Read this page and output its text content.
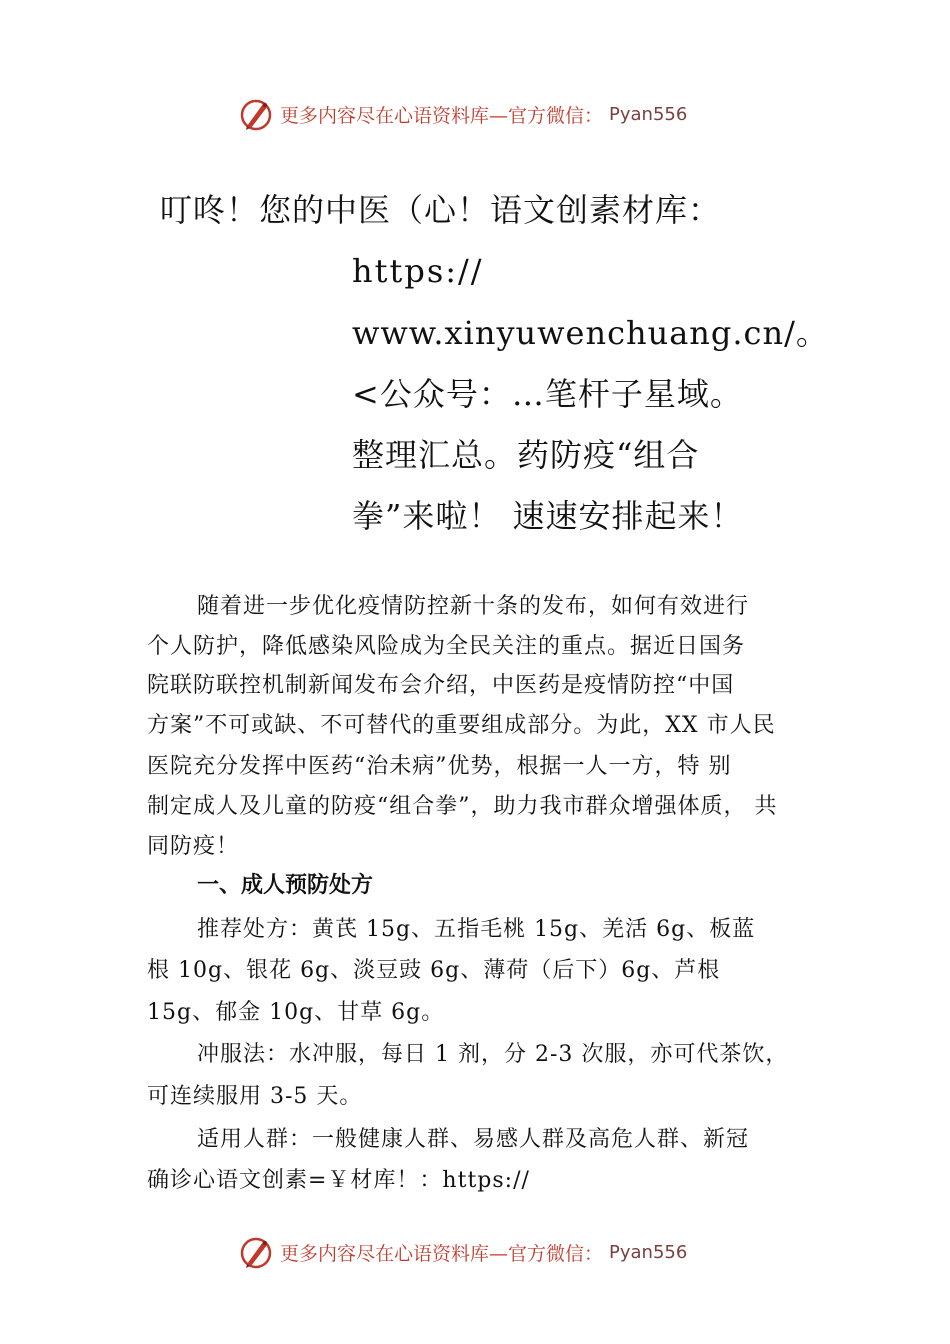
更多内容尽在心语资料库—官方微信： Pyan556
叮咚！您的中医（心！语文创素材库：
https://
www.xinyuwenchuang.cn/。
<公众号：…笔杆子星域。
整理汇总。药防疫“组合
拳”来啦！ 速速安排起来！
随着进一步优化疫情防控新十条的发布，如何有效进行
个人防护，降低感染风险成为全民关注的重点。据近日国务
院联防联控机制新闻发布会介绍，中医药是疫情防控“中国
方案”不可或缺、不可替代的重要组成部分。为此，XX 市人民
医院充分发挥中医药“治未病”优势，根据一人一方，特 别
制定成人及儿童的防疫“组合拳”，助力我市群众增强体质， 共
同防疫！
一、成人预防处方
推荐处方：黄芪 15g、五指毛桃 15g、羌活 6g、板蓝
根 10g、银花 6g、淡豆豉 6g、薄荷（后下）6g、芦根
15g、郁金 10g、甘草 6g。
冲服法：水冲服，每日 1 剂，分 2-3 次服，亦可代茶饮，
可连续服用 3-5 天。
适用人群：一般健康人群、易感人群及高危人群、新冠
确诊心语文创素=￥材库！：https://
更多内容尽在心语资料库—官方微信： Pyan556
